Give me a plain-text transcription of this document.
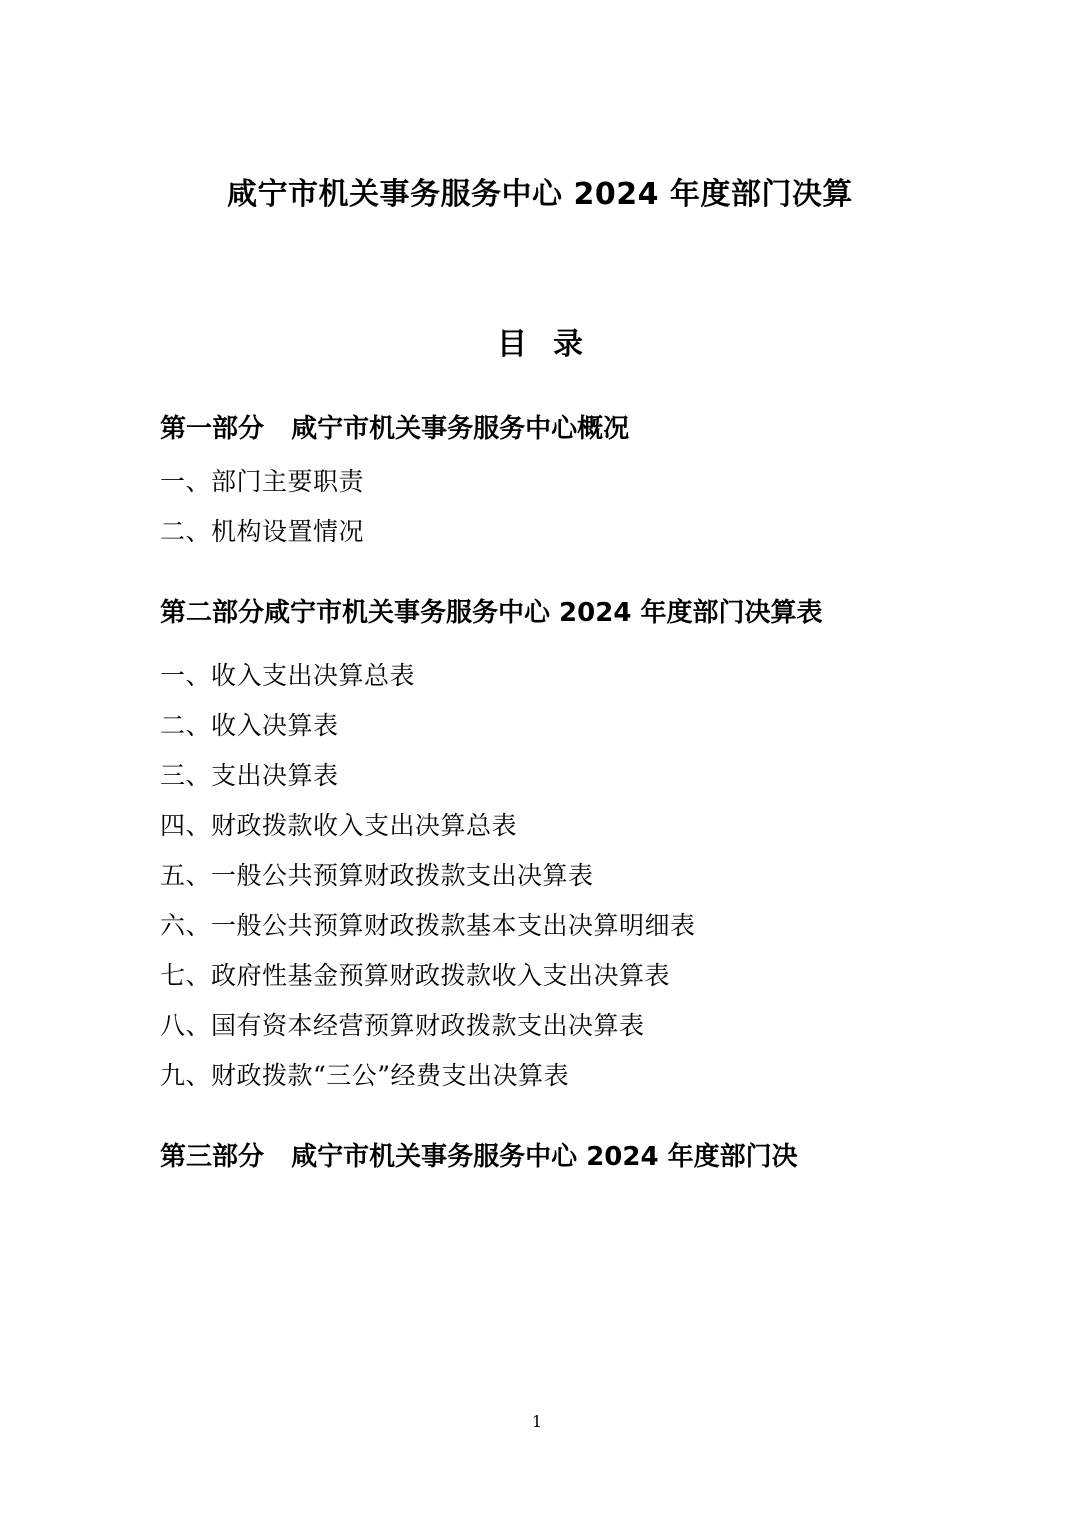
咸宁市机关事务服务中心 2024 年度部门决算
目录
第一部分   咸宁市机关事务服务中心概况
一、部门主要职责
二、机构设置情况
第二部分咸宁市机关事务服务中心 2024 年度部门决算表
一、收入支出决算总表
二、收入决算表
三、支出决算表
四、财政拨款收入支出决算总表
五、一般公共预算财政拨款支出决算表
六、一般公共预算财政拨款基本支出决算明细表
七、政府性基金预算财政拨款收入支出决算表
八、国有资本经营预算财政拨款支出决算表
九、财政拨款“三公”经费支出决算表
第三部分   咸宁市机关事务服务中心 2024 年度部门决
1
